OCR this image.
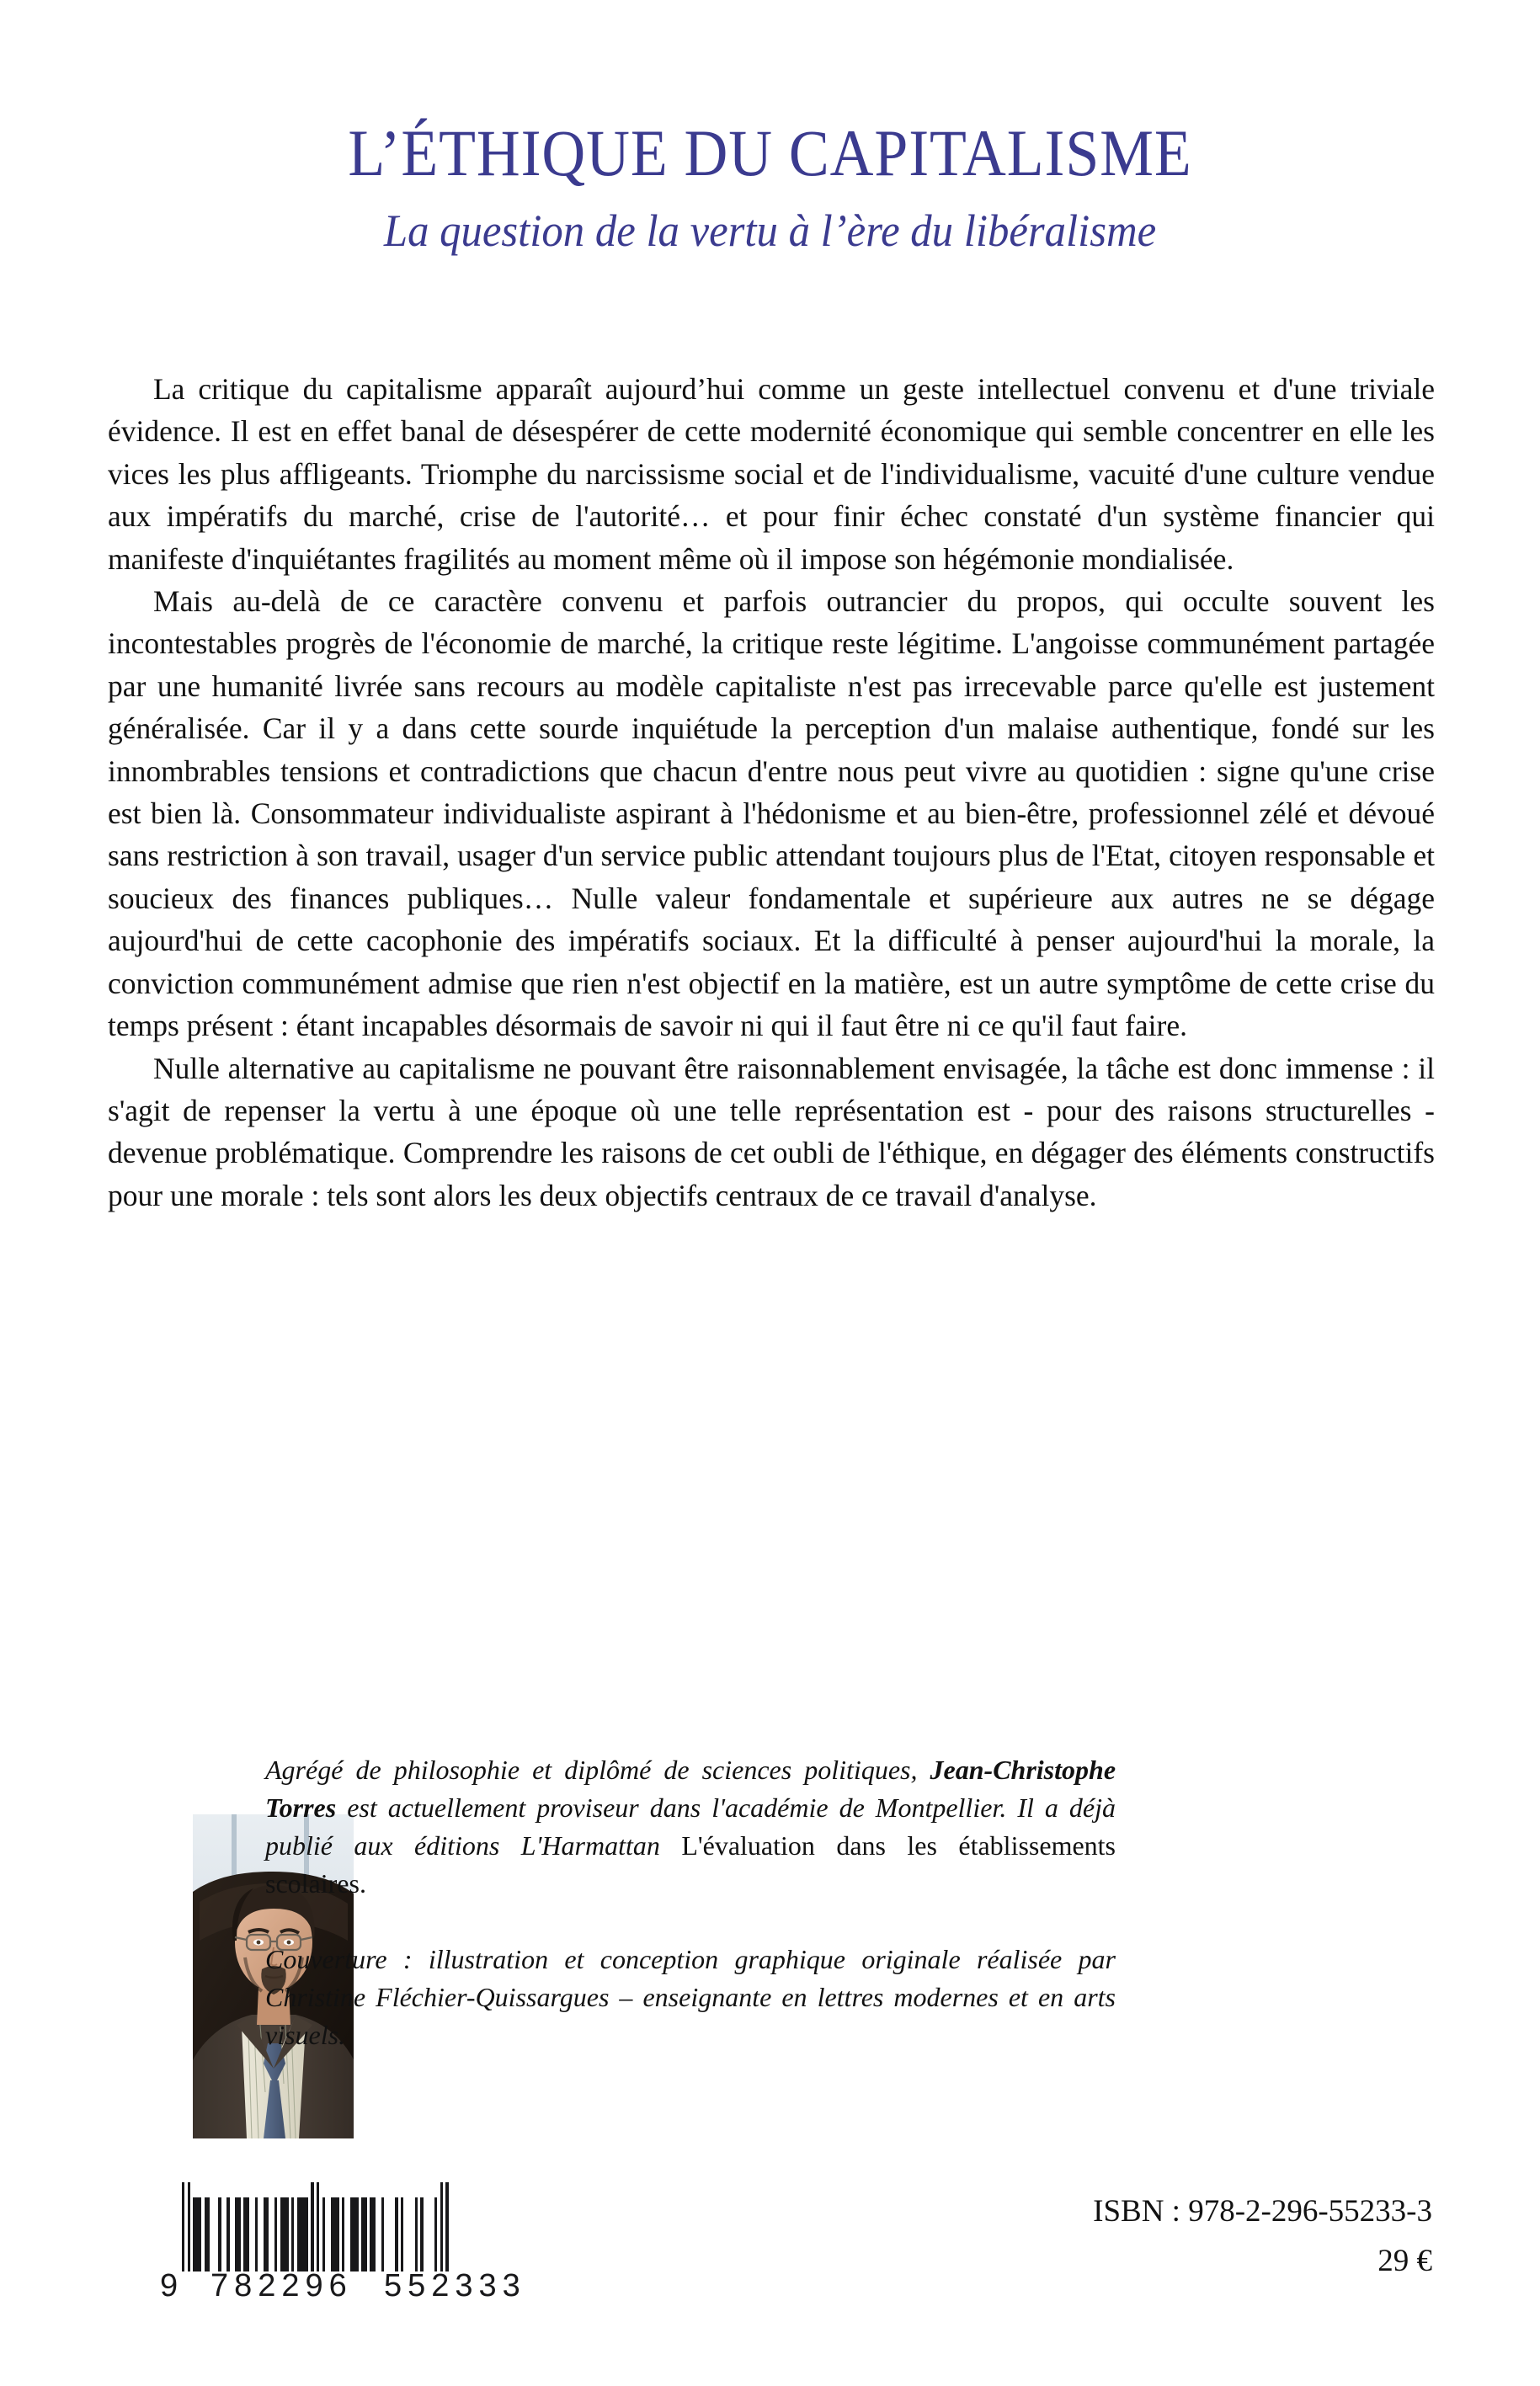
L’ÉTHIQUE DU CAPITALISME
La question de la vertu à l’ère du libéralisme

La critique du capitalisme apparaît aujourd’hui comme un geste intellectuel convenu et d'une triviale évidence. Il est en effet banal de désespérer de cette modernité économique qui semble concentrer en elle les vices les plus affligeants. Triomphe du narcissisme social et de l'individualisme, vacuité d'une culture vendue aux impératifs du marché, crise de l'autorité… et pour finir échec constaté d'un système financier qui manifeste d'inquiétantes fragilités au moment même où il impose son hégémonie mondialisée.

Mais au-delà de ce caractère convenu et parfois outrancier du propos, qui occulte souvent les incontestables progrès de l'économie de marché, la critique reste légitime. L'angoisse communément partagée par une humanité livrée sans recours au modèle capitaliste n'est pas irrecevable parce qu'elle est justement généralisée. Car il y a dans cette sourde inquiétude la perception d'un malaise authentique, fondé sur les innombrables tensions et contradictions que chacun d'entre nous peut vivre au quotidien : signe qu'une crise est bien là. Consommateur individualiste aspirant à l'hédonisme et au bien-être, professionnel zélé et dévoué sans restriction à son travail, usager d'un service public attendant toujours plus de l'Etat, citoyen responsable et soucieux des finances publiques… Nulle valeur fondamentale et supérieure aux autres ne se dégage aujourd'hui de cette cacophonie des impératifs sociaux. Et la difficulté à penser aujourd'hui la morale, la conviction communément admise que rien n'est objectif en la matière, est un autre symptôme de cette crise du temps présent : étant incapables désormais de savoir ni qui il faut être ni ce qu'il faut faire.

Nulle alternative au capitalisme ne pouvant être raisonnablement envisagée, la tâche est donc immense : il s'agit de repenser la vertu à une époque où une telle représentation est - pour des raisons structurelles - devenue problématique. Comprendre les raisons de cet oubli de l'éthique, en dégager des éléments constructifs pour une morale : tels sont alors les deux objectifs centraux de ce travail d'analyse.

Agrégé de philosophie et diplômé de sciences politiques, Jean-Christophe Torres est actuellement proviseur dans l'académie de Montpellier. Il a déjà publié aux éditions L'Harmattan L'évaluation dans les établissements scolaires.
Couverture : illustration et conception graphique originale réalisée par Christine Fléchier-Quissargues – enseignante en lettres modernes et en arts visuels.
9 782296 552333
ISBN : 978-2-296-55233-3
29 €
